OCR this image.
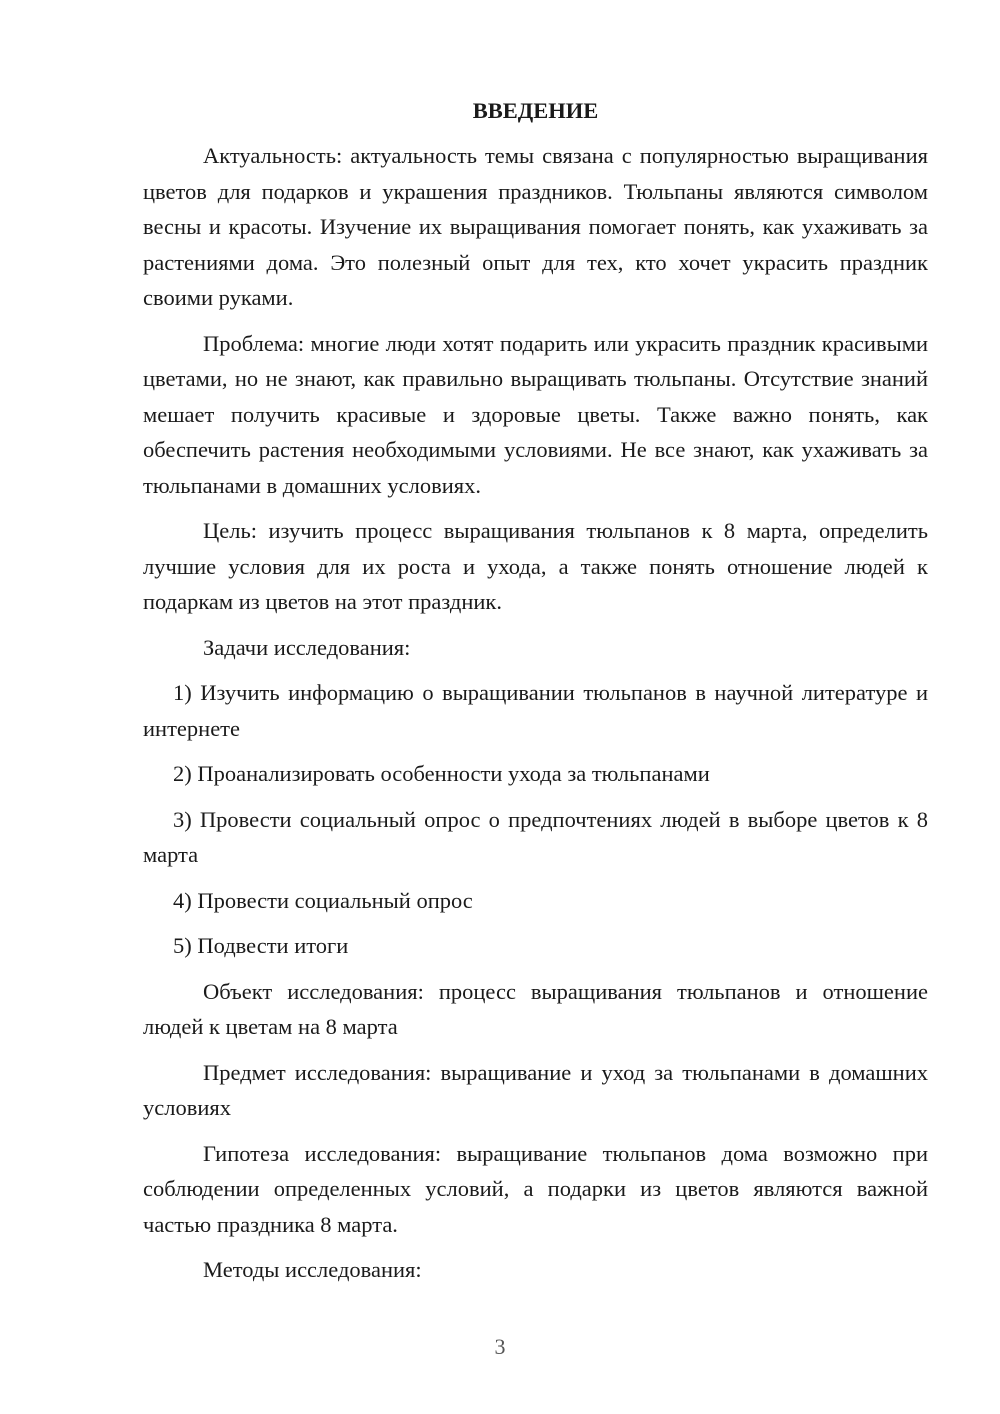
ВВЕДЕНИЕ

Актуальность: актуальность темы связана с популярностью выращивания цветов для подарков и украшения праздников. Тюльпаны являются символом весны и красоты. Изучение их выращивания помогает понять, как ухаживать за растениями дома. Это полезный опыт для тех, кто хочет украсить праздник своими руками.

Проблема: многие люди хотят подарить или украсить праздник красивыми цветами, но не знают, как правильно выращивать тюльпаны. Отсутствие знаний мешает получить красивые и здоровые цветы. Также важно понять, как обеспечить растения необходимыми условиями. Не все знают, как ухаживать за тюльпанами в домашних условиях.

Цель: изучить процесс выращивания тюльпанов к 8 марта, определить лучшие условия для их роста и ухода, а также понять отношение людей к подаркам из цветов на этот праздник.

Задачи исследования:

1) Изучить информацию о выращивании тюльпанов в научной литературе и интернете

2) Проанализировать особенности ухода за тюльпанами

3) Провести социальный опрос о предпочтениях людей в выборе цветов к 8 марта

4) Провести социальный опрос

5) Подвести итоги

Объект исследования: процесс выращивания тюльпанов и отношение людей к цветам на 8 марта

Предмет исследования: выращивание и уход за тюльпанами в домашних условиях

Гипотеза исследования: выращивание тюльпанов дома возможно при соблюдении определенных условий, а подарки из цветов являются важной частью праздника 8 марта.

Методы исследования:

3
